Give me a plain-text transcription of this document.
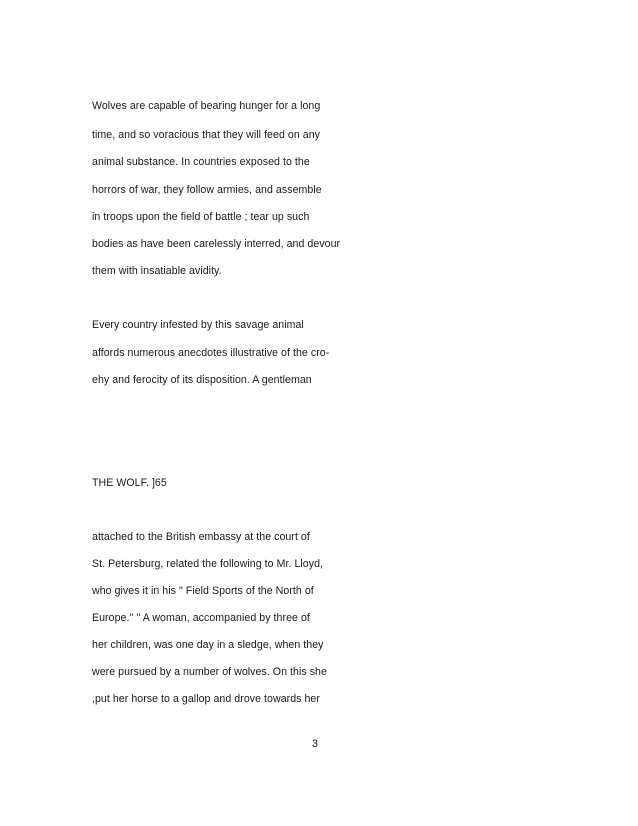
Wolves are capable of bearing hunger for a long
time, and so voracious that they will feed on any
animal substance. In countries exposed to the
horrors of war, they follow armies, and assemble
in troops upon the field of battle ; tear up such
bodies as have been carelessly interred, and devour
them with insatiable avidity.
Every country infested by this savage animal
affords numerous anecdotes illustrative of the cro-
ehy and ferocity of its disposition. A gentleman
THE WOLF. ]65
attached to the British embassy at the court of
St. Petersburg, related the following to Mr. Lloyd,
who gives it in his " Field Sports of the North of
Europe.'' " A woman, accompanied by three of
her children, was one day in a sledge, when they
were pursued by a number of wolves. On this she
,put her horse to a gallop and drove towards her
3
